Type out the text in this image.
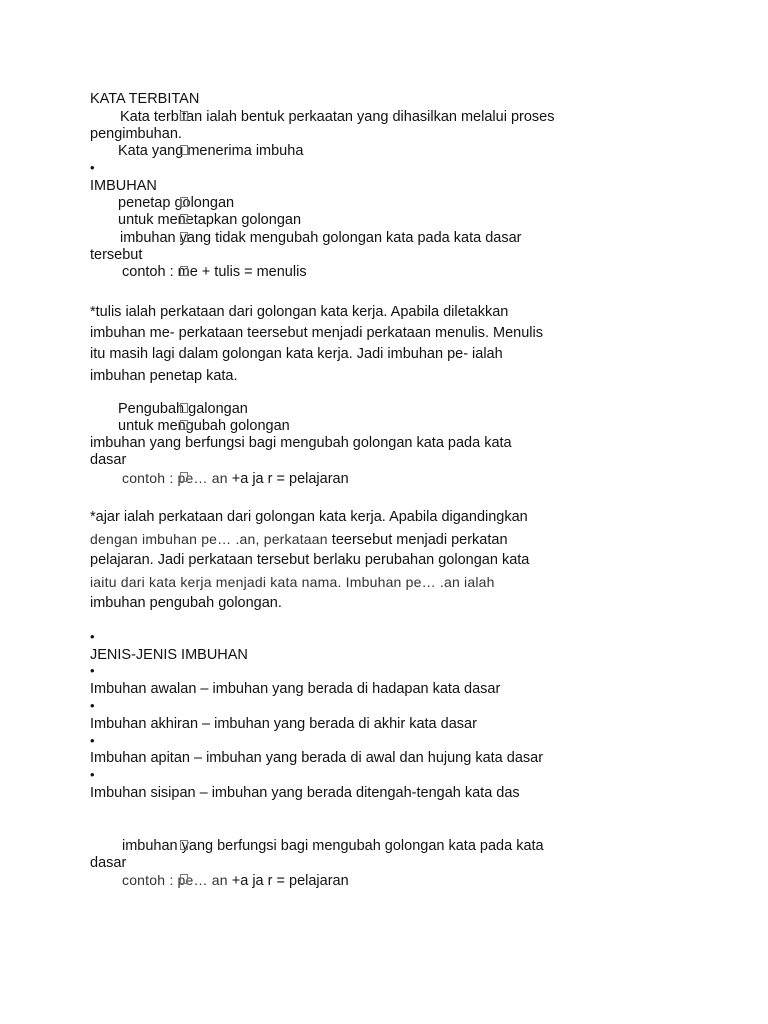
KATA TERBITAN
Kata terbitan ialah bentuk perkaatan yang dihasilkan melalui proses
pengimbuhan.
Kata yang menerima imbuha
•
IMBUHAN
penetap golongan
untuk menetapkan golongan
imbuhan yang tidak mengubah golongan kata pada kata dasar
tersebut
contoh : me + tulis = menulis
*tulis ialah perkataan dari golongan kata kerja. Apabila diletakkan
imbuhan me- perkataan teersebut menjadi perkataan menulis. Menulis
itu masih lagi dalam golongan kata kerja. Jadi imbuhan pe- ialah
imbuhan penetap kata.
Pengubah galongan
untuk mengubah golongan
imbuhan yang berfungsi bagi mengubah golongan kata pada kata
dasar
contoh : pe… an +a ja r = pelajaran
*ajar ialah perkataan dari golongan kata kerja. Apabila digandingkan
dengan imbuhan pe… .an, perkataan teersebut menjadi perkatan
pelajaran. Jadi perkataan tersebut berlaku perubahan golongan kata
iaitu dari kata kerja menjadi kata nama. Imbuhan pe… .an ialah
imbuhan pengubah golongan.
•
JENIS-JENIS IMBUHAN
•
Imbuhan awalan – imbuhan yang berada di hadapan kata dasar
•
Imbuhan akhiran – imbuhan yang berada di akhir kata dasar
•
Imbuhan apitan – imbuhan yang berada di awal dan hujung kata dasar
•
Imbuhan sisipan – imbuhan yang berada ditengah-tengah kata das
imbuhan yang berfungsi bagi mengubah golongan kata pada kata
dasar
contoh : pe… an +a ja r = pelajaran
